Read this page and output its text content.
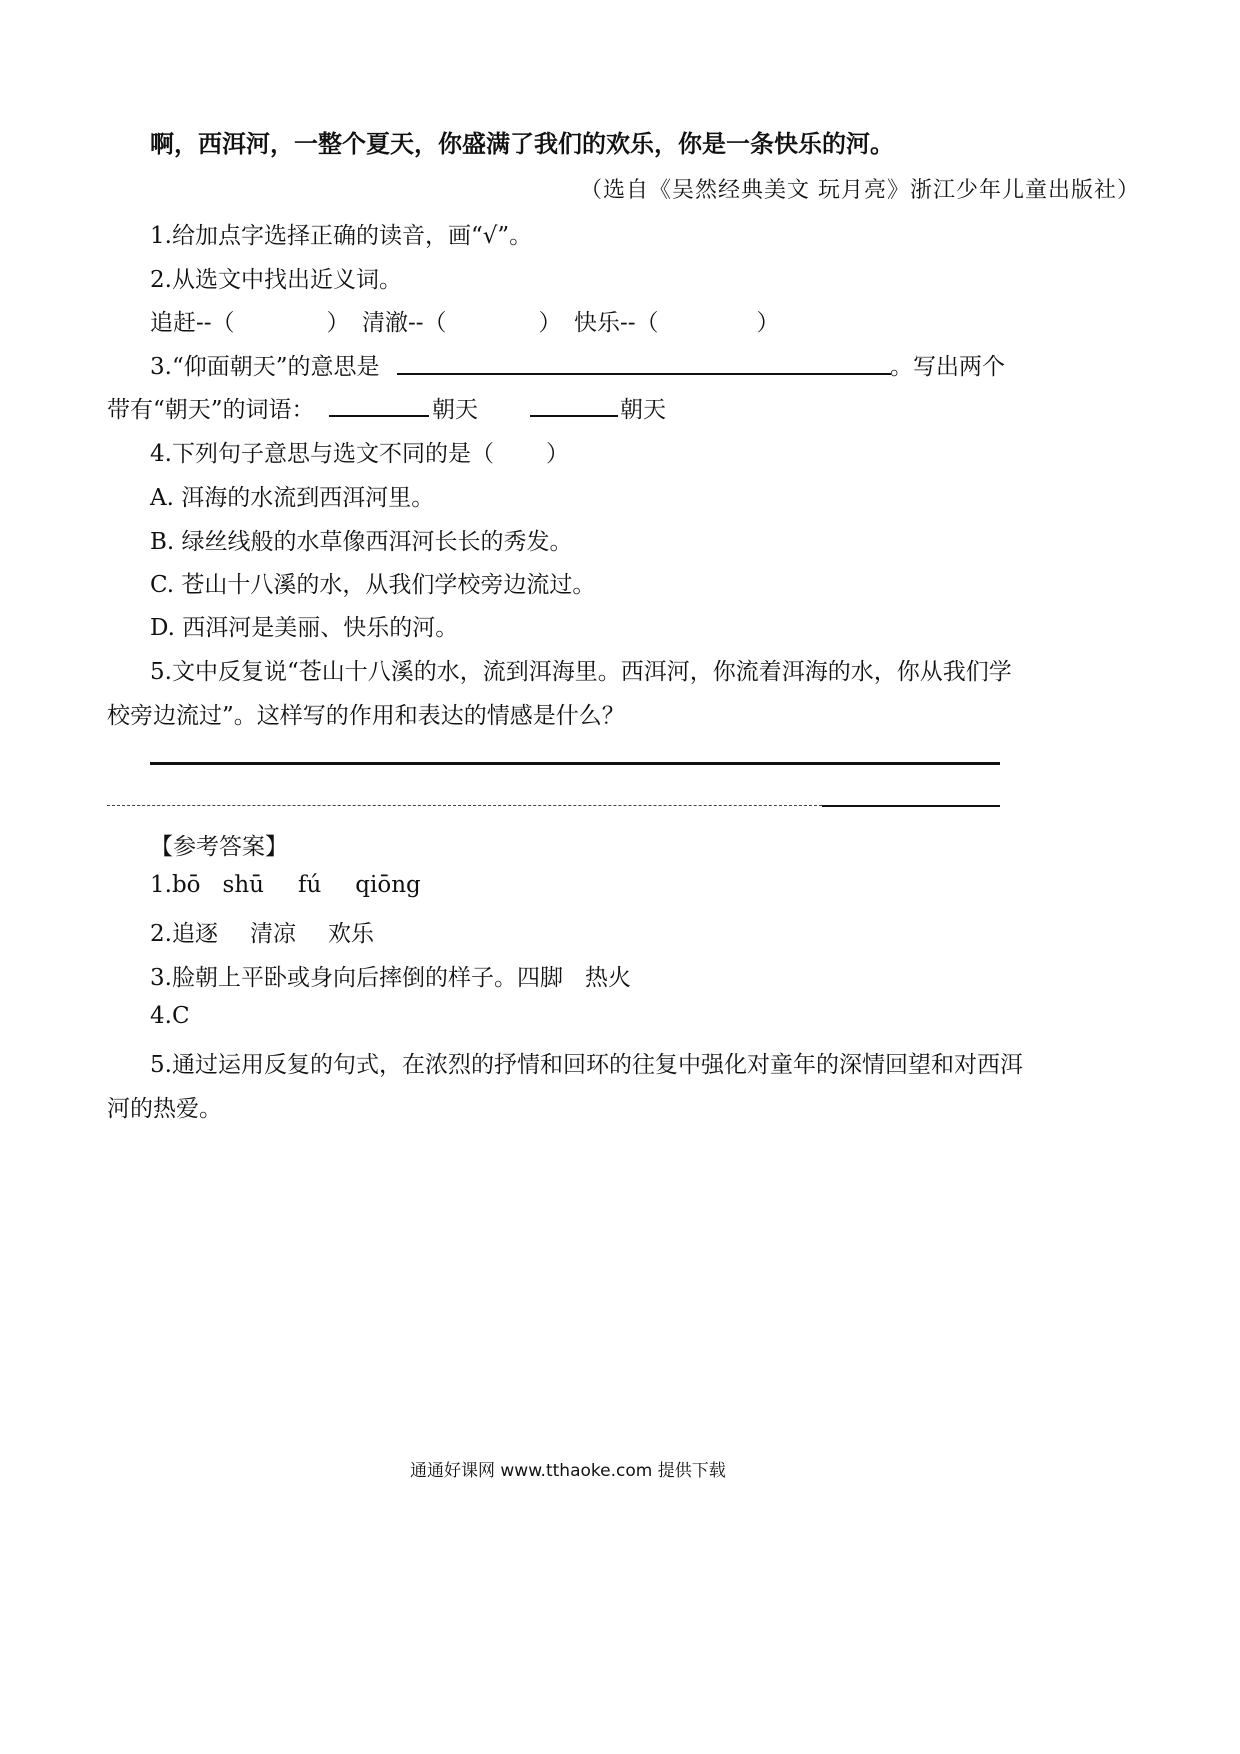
啊，西洱河，一整个夏天，你盛满了我们的欢乐，你是一条快乐的河。
（选自《吴然经典美文 玩月亮》浙江少年儿童出版社）
1.给加点字选择正确的读音，画“√”。
2.从选文中找出近义词。
追赶--（	） 清澈--（	） 快乐--（	）
3.“仰面朝天”的意思是	。写出两个
带有“朝天”的词语：	朝天	朝天
4.下列句子意思与选文不同的是（ ）
A. 洱海的水流到西洱河里。
B. 绿丝线般的水草像西洱河长长的秀发。
C. 苍山十八溪的水，从我们学校旁边流过。
D. 西洱河是美丽、快乐的河。
5.文中反复说“苍山十八溪的水，流到洱海里。西洱河，你流着洱海的水，你从我们学
校旁边流过”。这样写的作用和表达的情感是什么？
【参考答案】
1.bō shū fú qiōng
2.追逐 清凉 欢乐
3.脸朝上平卧或身向后摔倒的样子。四脚 热火
4.C
5.通过运用反复的句式，在浓烈的抒情和回环的往复中强化对童年的深情回望和对西洱
河的热爱。
通通好课网 www.tthaoke.com 提供下载
